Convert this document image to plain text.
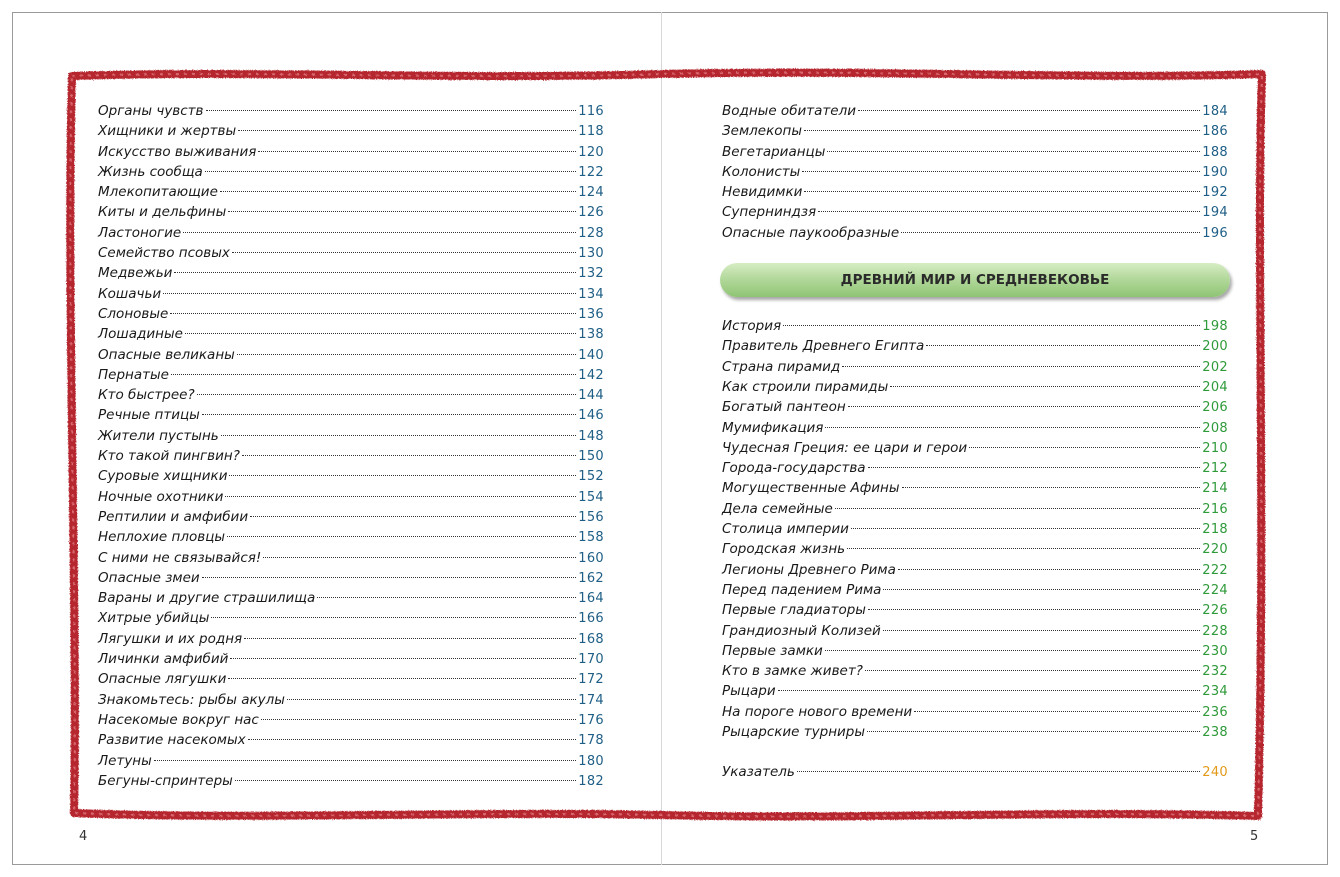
Органы чувств	116
Хищники и жертвы	118
Искусство выживания	120
Жизнь сообща	122
Млекопитающие	124
Киты и дельфины	126
Ластоногие	128
Семейство псовых	130
Медвежьи	132
Кошачьи	134
Слоновые	136
Лошадиные	138
Опасные великаны	140
Пернатые	142
Кто быстрее?	144
Речные птицы	146
Жители пустынь	148
Кто такой пингвин?	150
Суровые хищники	152
Ночные охотники	154
Рептилии и амфибии	156
Неплохие пловцы	158
С ними не связывайся!	160
Опасные змеи	162
Вараны и другие страшилища	164
Хитрые убийцы	166
Лягушки и их родня	168
Личинки амфибий	170
Опасные лягушки	172
Знакомьтесь: рыбы акулы	174
Насекомые вокруг нас	176
Развитие насекомых	178
Летуны	180
Бегуны-спринтеры	182
Водные обитатели	184
Землекопы	186
Вегетарианцы	188
Колонисты	190
Невидимки	192
Суперниндзя	194
Опасные паукообразные	196
ДРЕВНИЙ МИР И СРЕДНЕВЕКОВЬЕ
История	198
Правитель Древнего Египта	200
Страна пирамид	202
Как строили пирамиды	204
Богатый пантеон	206
Мумификация	208
Чудесная Греция: ее цари и герои	210
Города-государства	212
Могущественные Афины	214
Дела семейные	216
Столица империи	218
Городская жизнь	220
Легионы Древнего Рима	222
Перед падением Рима	224
Первые гладиаторы	226
Грандиозный Колизей	228
Первые замки	230
Кто в замке живет?	232
Рыцари	234
На пороге нового времени	236
Рыцарские турниры	238
Указатель	240
4	5
